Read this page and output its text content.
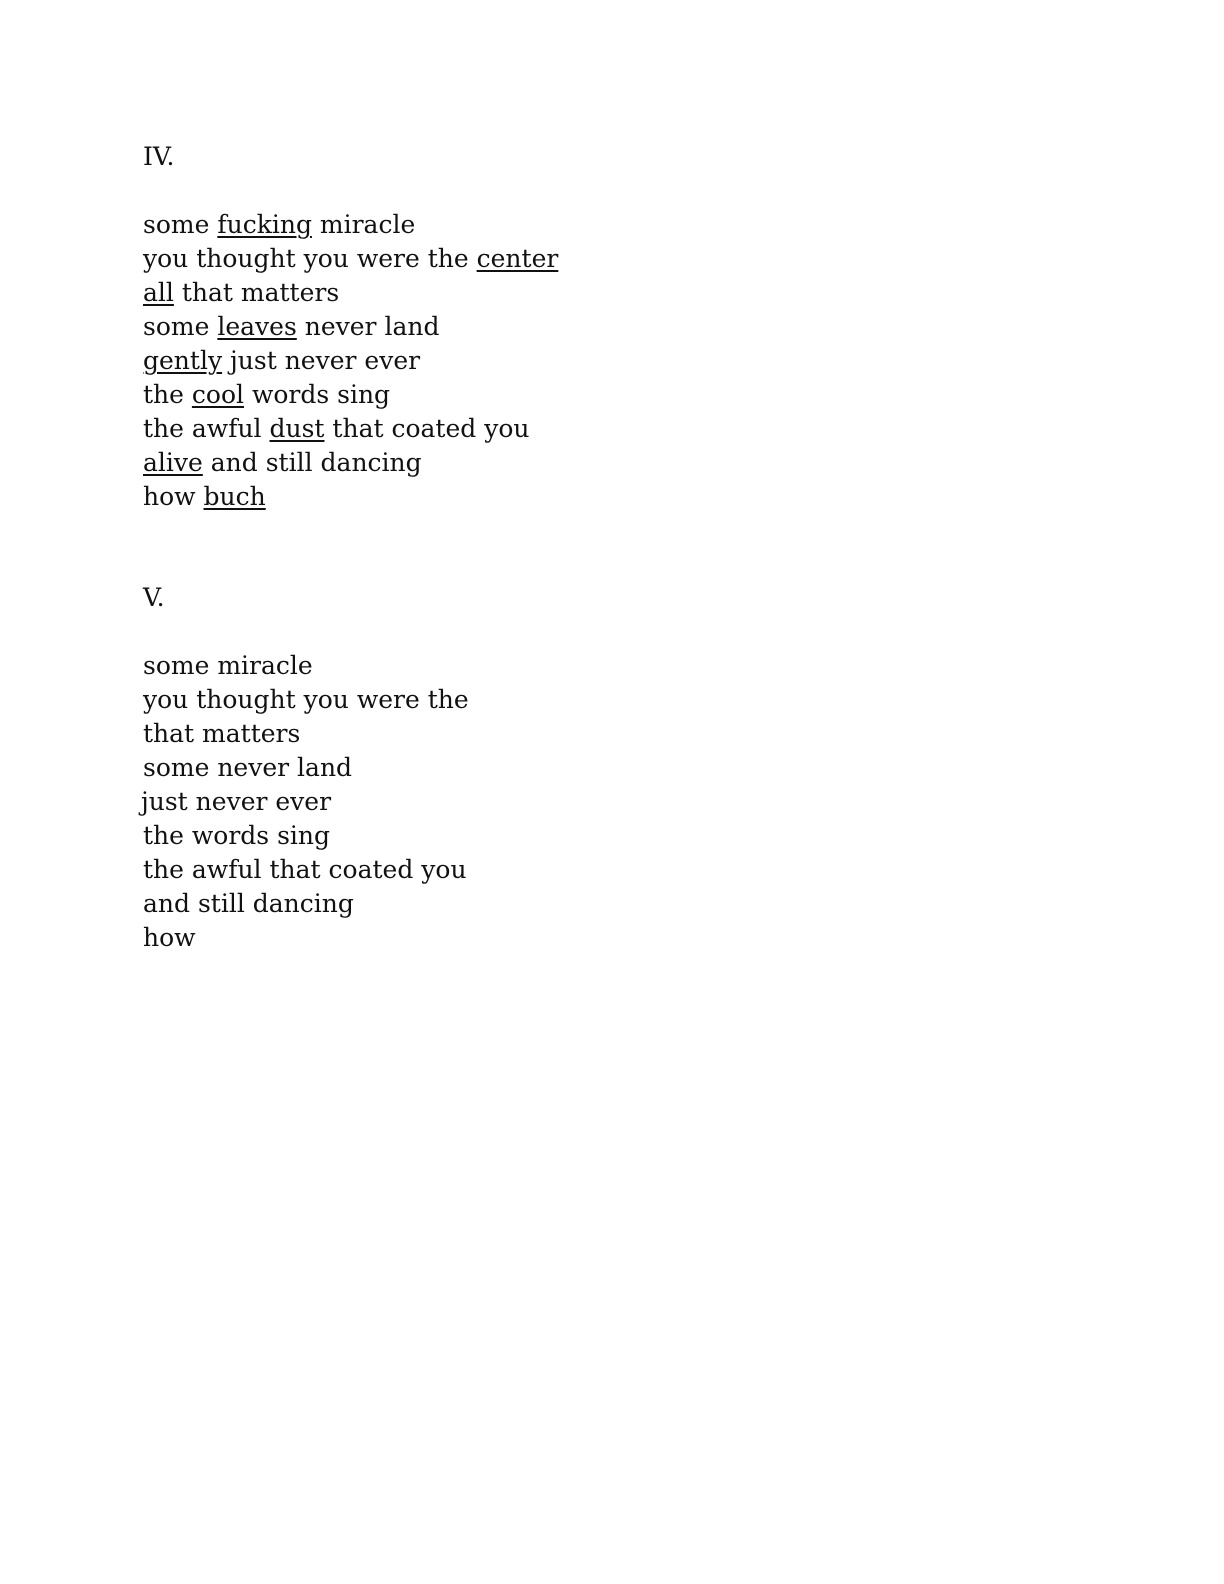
IV.
some fucking miracle
you thought you were the center
all that matters
some leaves never land
gently just never ever
the cool words sing
the awful dust that coated you
alive and still dancing
how buch
V.
some miracle
you thought you were the
that matters
some never land
just never ever
the words sing
the awful that coated you
and still dancing
how
